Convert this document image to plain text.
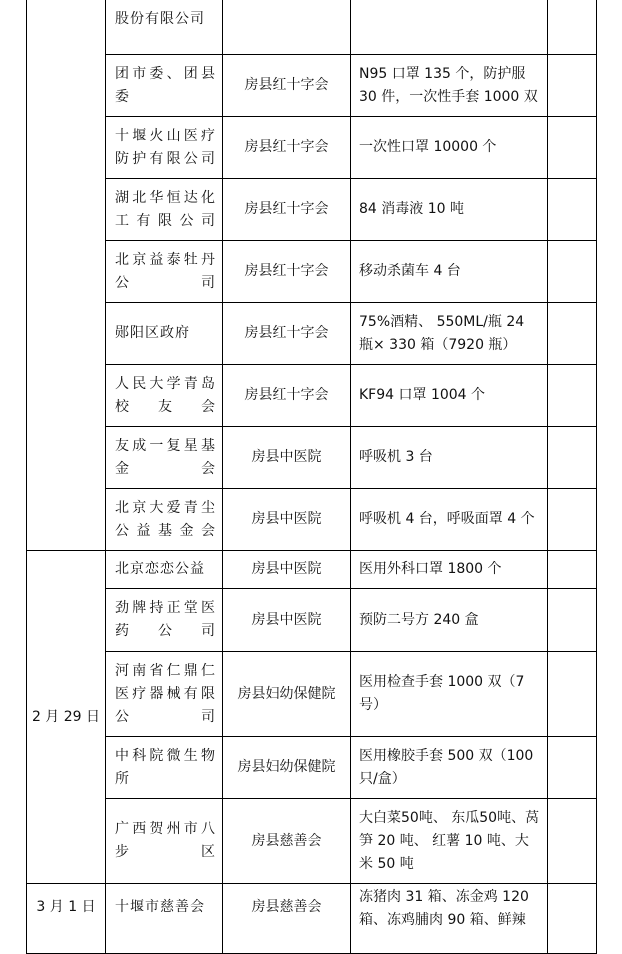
	股份有限公司			
	团市委、团县委	房县红十字会	N95 口罩 135 个，防护服 30 件，一次性手套 1000 双	
	十堰火山医疗防护有限公司	房县红十字会	一次性口罩 10000 个	
	湖北华恒达化工有限公司	房县红十字会	84 消毒液 10 吨	
	北京益泰牡丹公司	房县红十字会	移动杀菌车 4 台	
	郧阳区政府	房县红十字会	75%酒精、 550ML/瓶 24 瓶× 330 箱（7920 瓶）	
	人民大学青岛校友会	房县红十字会	KF94 口罩 1004 个	
	友成一复星基金会	房县中医院	呼吸机 3 台	
	北京大爱青尘公益基金会	房县中医院	呼吸机 4 台，呼吸面罩 4 个	
2 月 29 日	北京恋恋公益	房县中医院	医用外科口罩 1800 个	
	劲牌持正堂医药公司	房县中医院	预防二号方 240 盒	
	河南省仁鼎仁医疗器械有限公司	房县妇幼保健院	医用检查手套 1000 双（7号）	
	中科院微生物所	房县妇幼保健院	医用橡胶手套 500 双（100 只/盒）	
	广西贺州市八步区	房县慈善会	大白菜50吨、 东瓜50吨、莴笋 20 吨、 红薯 10 吨、大米 50 吨	
3 月 1 日	十堰市慈善会	房县慈善会	冻猪肉 31 箱、冻金鸡 120 箱、冻鸡脯肉 90 箱、鲜辣	
